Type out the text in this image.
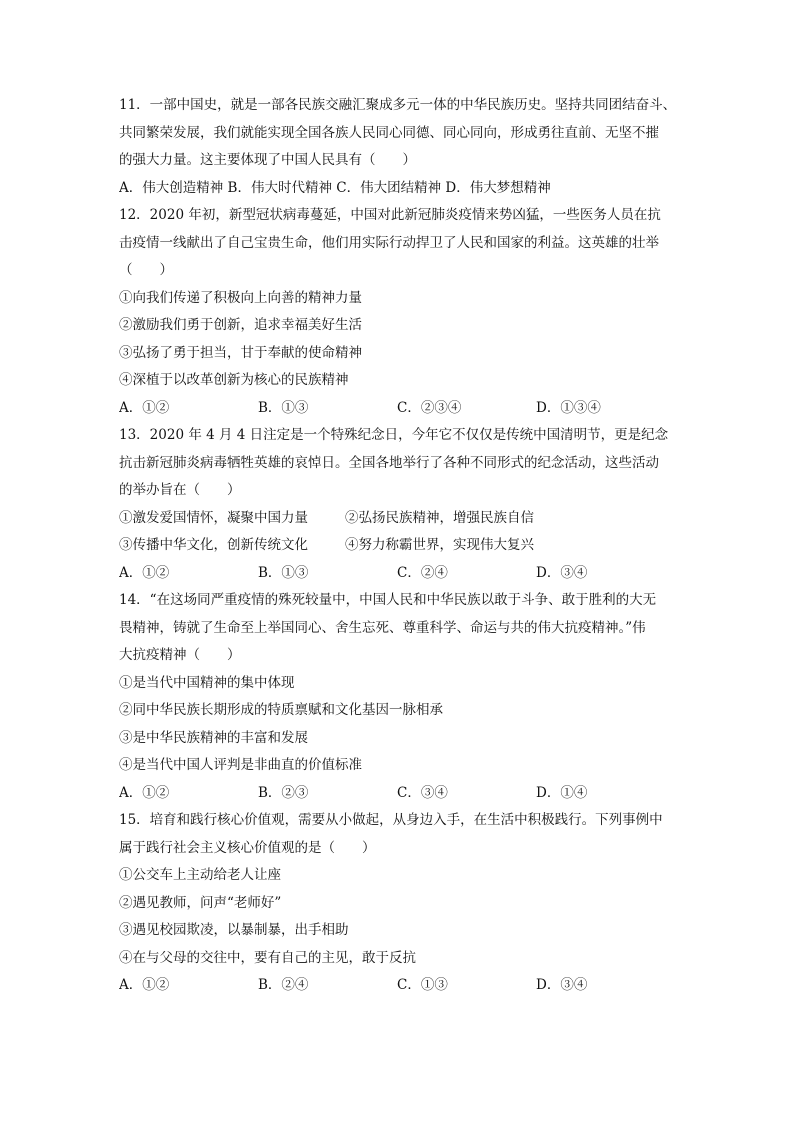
11．一部中国史，就是一部各民族交融汇聚成多元一体的中华民族历史。坚持共同团结奋斗、
共同繁荣发展，我们就能实现全国各族人民同心同德、同心同向，形成勇往直前、无坚不摧
的强大力量。这主要体现了中国人民具有（　　）
A．伟大创造精神 B．伟大时代精神 C．伟大团结精神 D．伟大梦想精神
12．2020 年初，新型冠状病毒蔓延，中国对此新冠肺炎疫情来势凶猛，一些医务人员在抗
击疫情一线献出了自己宝贵生命，他们用实际行动捍卫了人民和国家的利益。这英雄的壮举
（　　）
①向我们传递了积极向上向善的精神力量
②激励我们勇于创新，追求幸福美好生活
③弘扬了勇于担当，甘于奉献的使命精神
④深植于以改革创新为核心的民族精神
A．①②	B．①③	C．②③④	D．①③④
13．2020 年 4 月 4 日注定是一个特殊纪念日，今年它不仅仅是传统中国清明节，更是纪念
抗击新冠肺炎病毒牺牲英雄的哀悼日。全国各地举行了各种不同形式的纪念活动，这些活动
的举办旨在（　　）
①激发爱国情怀，凝聚中国力量	②弘扬民族精神，增强民族自信
③传播中华文化，创新传统文化	④努力称霸世界，实现伟大复兴
A．①②	B．①③	C．②④	D．③④
14．“在这场同严重疫情的殊死较量中，中国人民和中华民族以敢于斗争、敢于胜利的大无
畏精神，铸就了生命至上举国同心、舍生忘死、尊重科学、命运与共的伟大抗疫精神。”伟
大抗疫精神（　　）
①是当代中国精神的集中体现
②同中华民族长期形成的特质禀赋和文化基因一脉相承
③是中华民族精神的丰富和发展
④是当代中国人评判是非曲直的价值标准
A．①②	B．②③	C．③④	D．①④
15．培育和践行核心价值观，需要从小做起，从身边入手，在生活中积极践行。下列事例中
属于践行社会主义核心价值观的是（　　）
①公交车上主动给老人让座
②遇见教师，问声“老师好”
③遇见校园欺凌，以暴制暴，出手相助
④在与父母的交往中，要有自己的主见，敢于反抗
A．①②	B．②④	C．①③	D．③④
